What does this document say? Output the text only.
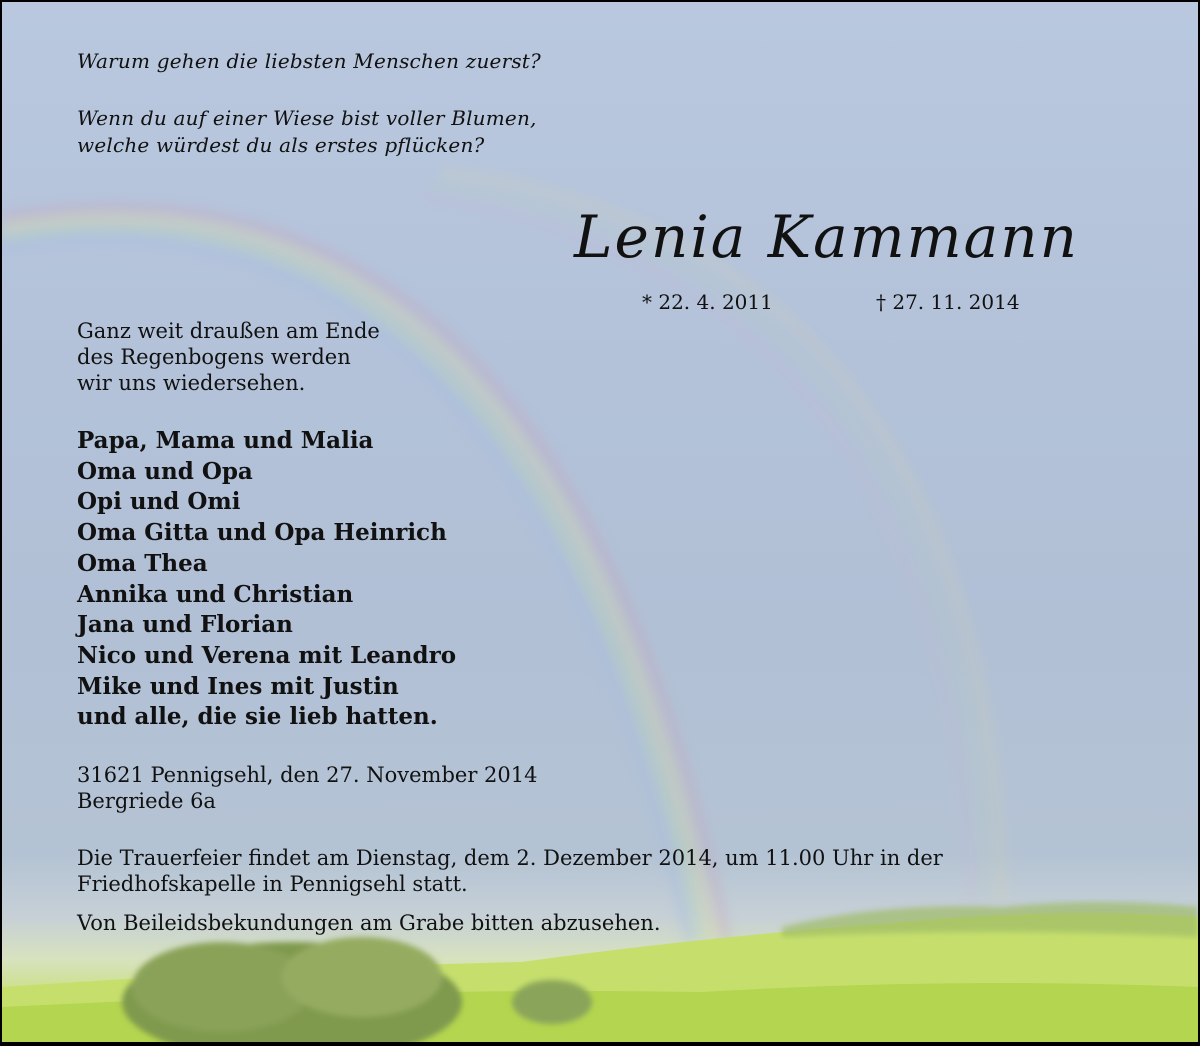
Warum gehen die liebsten Menschen zuerst?

Wenn du auf einer Wiese bist voller Blumen,
welche würdest du als erstes pflücken?

Lenia Kammann
* 22. 4. 2011	† 27. 11. 2014

Ganz weit draußen am Ende
des Regenbogens werden
wir uns wiedersehen.

Papa, Mama und Malia
Oma und Opa
Opi und Omi
Oma Gitta und Opa Heinrich
Oma Thea
Annika und Christian
Jana und Florian
Nico und Verena mit Leandro
Mike und Ines mit Justin
und alle, die sie lieb hatten.

31621 Pennigsehl, den 27. November 2014
Bergriede 6a

Die Trauerfeier findet am Dienstag, dem 2. Dezember 2014, um 11.00 Uhr in der
Friedhofskapelle in Pennigsehl statt.

Von Beileidsbekundungen am Grabe bitten abzusehen.
